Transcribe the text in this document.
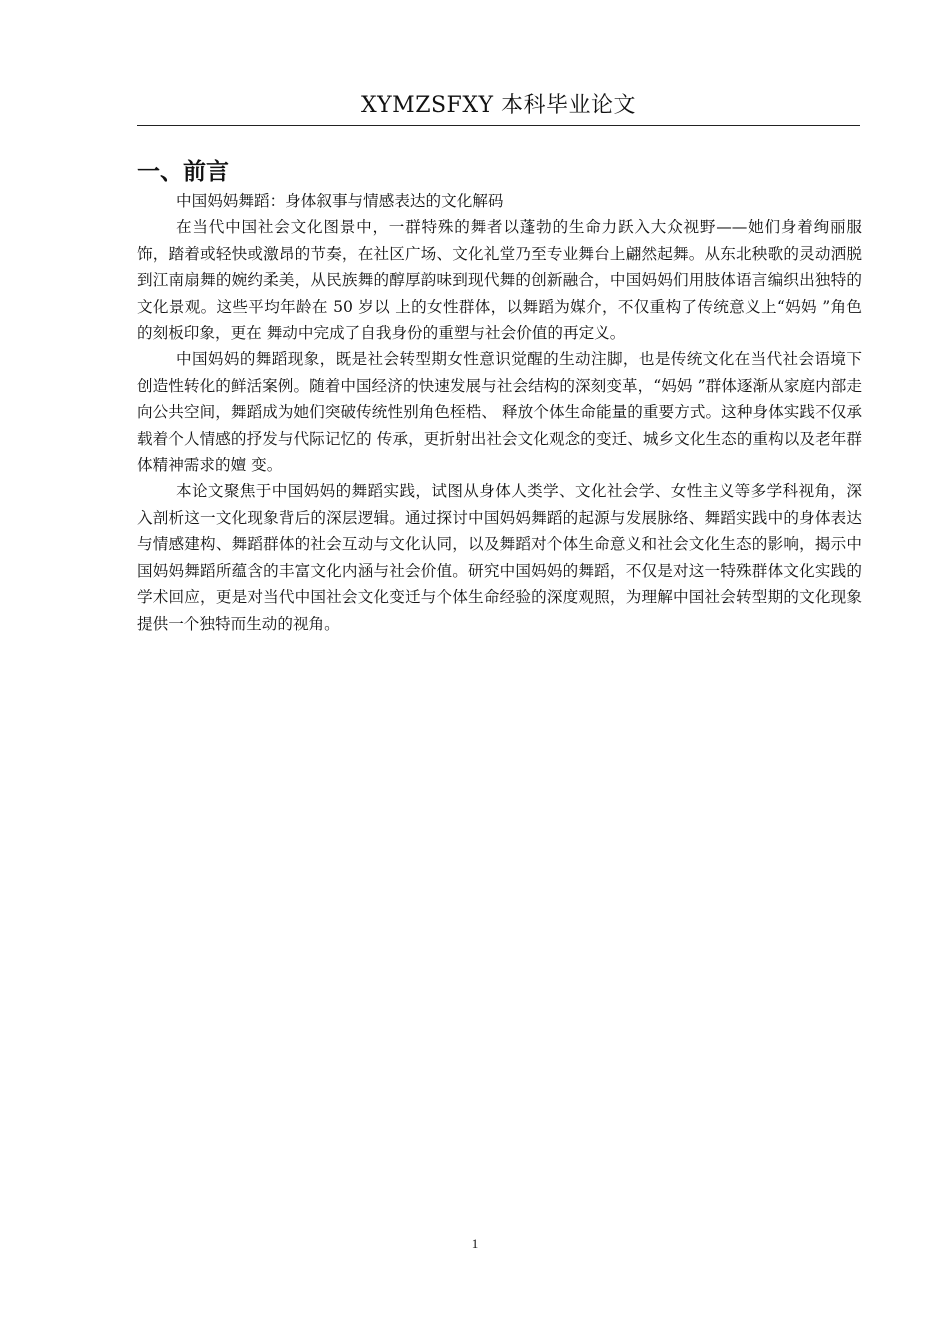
XYMZSFXY 本科毕业论文
一、前言

中国妈妈舞蹈：身体叙事与情感表达的文化解码

在当代中国社会文化图景中，一群特殊的舞者以蓬勃的生命力跃入大众视野——她们身着绚丽服饰，踏着或轻快或激昂的节奏，在社区广场、文化礼堂乃至专业舞台上翩然起舞。从东北秧歌的灵动洒脱到江南扇舞的婉约柔美，从民族舞的醇厚韵味到现代舞的创新融合，中国妈妈们用肢体语言编织出独特的文化景观。这些平均年龄在 50 岁以 上的女性群体，以舞蹈为媒介，不仅重构了传统意义上“妈妈 ”角色的刻板印象，更在 舞动中完成了自我身份的重塑与社会价值的再定义。

中国妈妈的舞蹈现象，既是社会转型期女性意识觉醒的生动注脚，也是传统文化在当代社会语境下创造性转化的鲜活案例。随着中国经济的快速发展与社会结构的深刻变革，“妈妈 ”群体逐渐从家庭内部走向公共空间，舞蹈成为她们突破传统性别角色桎梏、 释放个体生命能量的重要方式。这种身体实践不仅承载着个人情感的抒发与代际记忆的 传承，更折射出社会文化观念的变迁、城乡文化生态的重构以及老年群体精神需求的嬗 变。

本论文聚焦于中国妈妈的舞蹈实践，试图从身体人类学、文化社会学、女性主义等多学科视角，深入剖析这一文化现象背后的深层逻辑。通过探讨中国妈妈舞蹈的起源与发展脉络、舞蹈实践中的身体表达与情感建构、舞蹈群体的社会互动与文化认同，以及舞蹈对个体生命意义和社会文化生态的影响，揭示中国妈妈舞蹈所蕴含的丰富文化内涵与社会价值。研究中国妈妈的舞蹈，不仅是对这一特殊群体文化实践的学术回应，更是对当代中国社会文化变迁与个体生命经验的深度观照，为理解中国社会转型期的文化现象提供一个独特而生动的视角。

1
